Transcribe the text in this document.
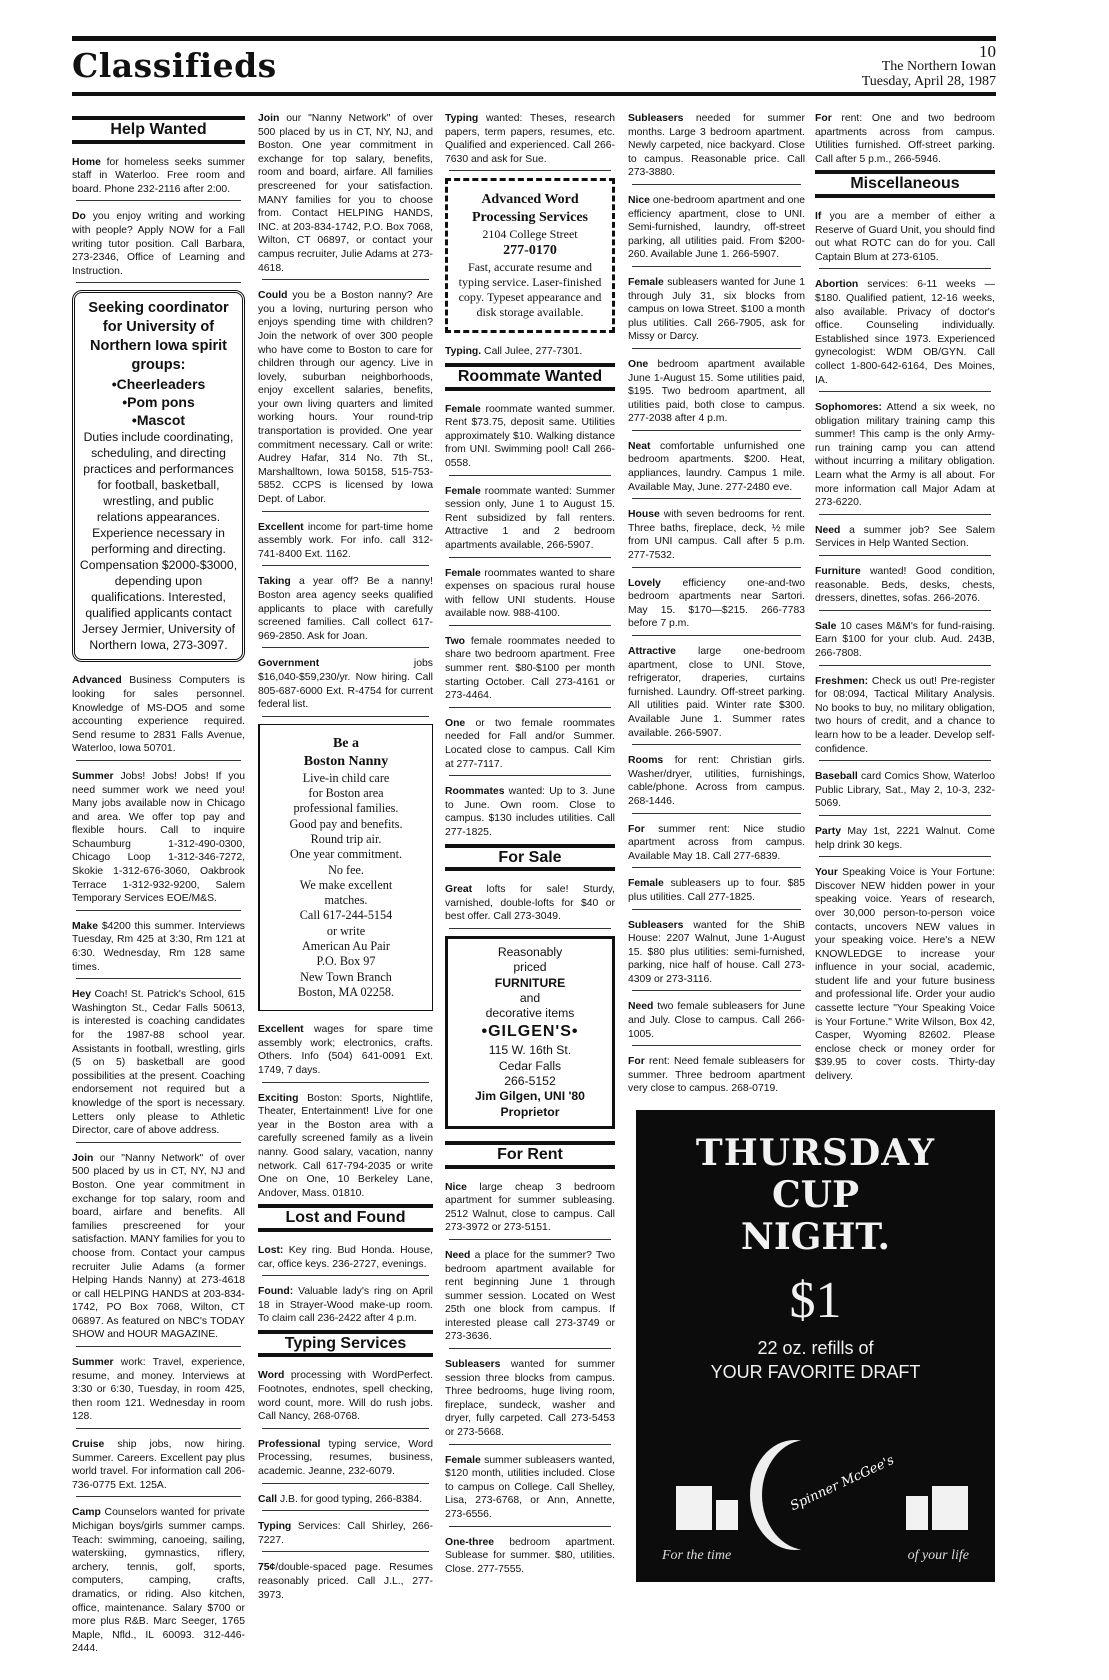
Classifieds	10
The Northern Iowan
Tuesday, April 28, 1987
Help Wanted
Home for homeless seeks summer staff in Waterloo. Free room and board. Phone 232-2116 after 2:00.
Do you enjoy writing and working with people? Apply NOW for a Fall writing tutor position. Call Barbara, 273-2346, Office of Learning and Instruction.
Seeking coordinator for University of Northern Iowa spirit groups:
•Cheerleaders
•Pom pons
•Mascot
Duties include coordinating, scheduling, and directing practices and performances for football, basketball, wrestling, and public relations appearances. Experience necessary in performing and directing. Compensation $2000-$3000, depending upon qualifications. Interested, qualified applicants contact Jersey Jermier, University of Northern Iowa, 273-3097.
Advanced Business Computers is looking for sales personnel. Knowledge of MS-DO5 and some accounting experience required. Send resume to 2831 Falls Avenue, Waterloo, Iowa 50701.
Summer Jobs! Jobs! Jobs! If you need summer work we need you! Many jobs available now in Chicago and area. We offer top pay and flexible hours. Call to inquire Schaumburg 1-312-490-0300, Chicago Loop 1-312-346-7272, Skokie 1-312-676-3060, Oakbrook Terrace 1-312-932-9200, Salem Temporary Services EOE/M&S.
Make $4200 this summer. Interviews Tuesday, Rm 425 at 3:30, Rm 121 at 6:30. Wednesday, Rm 128 same times.
Hey Coach! St. Patrick's School, 615 Washington St., Cedar Falls 50613, is interested is coaching candidates for the 1987-88 school year. Assistants in football, wrestling, girls (5 on 5) basketball are good possibilities at the present. Coaching endorsement not required but a knowledge of the sport is necessary. Letters only please to Athletic Director, care of above address.
Join our "Nanny Network" of over 500 placed by us in CT, NY, NJ and Boston. One year commitment in exchange for top salary, room and board, airfare and benefits. All families prescreened for your satisfaction. MANY families for you to choose from. Contact your campus recruiter Julie Adams (a former Helping Hands Nanny) at 273-4618 or call HELPING HANDS at 203-834-1742, PO Box 7068, Wilton, CT 06897. As featured on NBC's TODAY SHOW and HOUR MAGAZINE.
Summer work: Travel, experience, resume, and money. Interviews at 3:30 or 6:30, Tuesday, in room 425, then room 121. Wednesday in room 128.
Cruise ship jobs, now hiring. Summer. Careers. Excellent pay plus world travel. For information call 206-736-0775 Ext. 125A.
Camp Counselors wanted for private Michigan boys/girls summer camps. Teach: swimming, canoeing, sailing, waterskiing, gymnastics, riflery, archery, tennis, golf, sports, computers, camping, crafts, dramatics, or riding. Also kitchen, office, maintenance. Salary $700 or more plus R&B. Marc Seeger, 1765 Maple, Nfld., IL 60093. 312-446-2444.
Join our "Nanny Network" of over 500 placed by us in CT, NY, NJ, and Boston. One year commitment in exchange for top salary, benefits, room and board, airfare. All families prescreened for your satisfaction. MANY families for you to choose from. Contact HELPING HANDS, INC. at 203-834-1742, P.O. Box 7068, Wilton, CT 06897, or contact your campus recruiter, Julie Adams at 273-4618.
Could you be a Boston nanny? Are you a loving, nurturing person who enjoys spending time with children? Join the network of over 300 people who have come to Boston to care for children through our agency. Live in lovely, suburban neighborhoods, enjoy excellent salaries, benefits, your own living quarters and limited working hours. Your round-trip transportation is provided. One year commitment necessary. Call or write: Audrey Hafar, 314 No. 7th St., Marshalltown, Iowa 50158, 515-753-5852. CCPS is licensed by Iowa Dept. of Labor.
Excellent income for part-time home assembly work. For info. call 312-741-8400 Ext. 1162.
Taking a year off? Be a nanny! Boston area agency seeks qualified applicants to place with carefully screened families. Call collect 617-969-2850. Ask for Joan.
Government jobs $16,040-$59,230/yr. Now hiring. Call 805-687-6000 Ext. R-4754 for current federal list.
Be a
Boston Nanny
Live-in child care
for Boston area
professional families.
Good pay and benefits.
Round trip air.
One year commitment.
No fee.
We make excellent
matches.
Call 617-244-5154
or write
American Au Pair
P.O. Box 97
New Town Branch
Boston, MA 02258.
Excellent wages for spare time assembly work; electronics, crafts. Others. Info (504) 641-0091 Ext. 1749, 7 days.
Exciting Boston: Sports, Nightlife, Theater, Entertainment! Live for one year in the Boston area with a carefully screened family as a livein nanny. Good salary, vacation, nanny network. Call 617-794-2035 or write One on One, 10 Berkeley Lane, Andover, Mass. 01810.
Lost and Found
Lost: Key ring. Bud Honda. House, car, office keys. 236-2727, evenings.
Found: Valuable lady's ring on April 18 in Strayer-Wood make-up room. To claim call 236-2422 after 4 p.m.
Typing Services
Word processing with WordPerfect. Footnotes, endnotes, spell checking, word count, more. Will do rush jobs. Call Nancy, 268-0768.
Professional typing service, Word Processing, resumes, business, academic. Jeanne, 232-6079.
Call J.B. for good typing, 266-8384.
Typing Services: Call Shirley, 266-7227.
75¢/double-spaced page. Resumes reasonably priced. Call J.L., 277-3973.
Typing wanted: Theses, research papers, term papers, resumes, etc. Qualified and experienced. Call 266-7630 and ask for Sue.
Advanced Word Processing Services
2104 College Street
277-0170
Fast, accurate resume and typing service. Laser-finished copy. Typeset appearance and disk storage available.
Typing. Call Julee, 277-7301.
Roommate Wanted
Female roommate wanted summer. Rent $73.75, deposit same. Utilities approximately $10. Walking distance from UNI. Swimming pool! Call 266-0558.
Female roommate wanted: Summer session only, June 1 to August 15. Rent subsidized by fall renters. Attractive 1 and 2 bedroom apartments available, 266-5907.
Female roommates wanted to share expenses on spacious rural house with fellow UNI students. House available now. 988-4100.
Two female roommates needed to share two bedroom apartment. Free summer rent. $80-$100 per month starting October. Call 273-4161 or 273-4464.
One or two female roommates needed for Fall and/or Summer. Located close to campus. Call Kim at 277-7117.
Roommates wanted: Up to 3. June to June. Own room. Close to campus. $130 includes utilities. Call 277-1825.
For Sale
Great lofts for sale! Sturdy, varnished, double-lofts for $40 or best offer. Call 273-3049.
Reasonably
priced
FURNITURE
and
decorative items
•GILGEN'S•
115 W. 16th St.
Cedar Falls
266-5152
Jim Gilgen, UNI '80
Proprietor
For Rent
Nice large cheap 3 bedroom apartment for summer subleasing. 2512 Walnut, close to campus. Call 273-3972 or 273-5151.
Need a place for the summer? Two bedroom apartment available for rent beginning June 1 through summer session. Located on West 25th one block from campus. If interested please call 273-3749 or 273-3636.
Subleasers wanted for summer session three blocks from campus. Three bedrooms, huge living room, fireplace, sundeck, washer and dryer, fully carpeted. Call 273-5453 or 273-5668.
Female summer subleasers wanted, $120 month, utilities included. Close to campus on College. Call Shelley, Lisa, 273-6768, or Ann, Annette, 273-6556.
One-three bedroom apartment. Sublease for summer. $80, utilities. Close. 277-7555.
Subleasers needed for summer months. Large 3 bedroom apartment. Newly carpeted, nice backyard. Close to campus. Reasonable price. Call 273-3880.
Nice one-bedroom apartment and one efficiency apartment, close to UNI. Semi-furnished, laundry, off-street parking, all utilities paid. From $200-260. Available June 1. 266-5907.
Female subleasers wanted for June 1 through July 31, six blocks from campus on Iowa Street. $100 a month plus utilities. Call 266-7905, ask for Missy or Darcy.
One bedroom apartment available June 1-August 15. Some utilities paid, $195. Two bedroom apartment, all utilities paid, both close to campus. 277-2038 after 4 p.m.
Neat comfortable unfurnished one bedroom apartments. $200. Heat, appliances, laundry. Campus 1 mile. Available May, June. 277-2480 eve.
House with seven bedrooms for rent. Three baths, fireplace, deck, ½ mile from UNI campus. Call after 5 p.m. 277-7532.
Lovely efficiency one-and-two bedroom apartments near Sartori. May 15. $170—$215. 266-7783 before 7 p.m.
Attractive large one-bedroom apartment, close to UNI. Stove, refrigerator, draperies, curtains furnished. Laundry. Off-street parking. All utilities paid. Winter rate $300. Available June 1. Summer rates available. 266-5907.
Rooms for rent: Christian girls. Washer/dryer, utilities, furnishings, cable/phone. Across from campus. 268-1446.
For summer rent: Nice studio apartment across from campus. Available May 18. Call 277-6839.
Female subleasers up to four. $85 plus utilities. Call 277-1825.
Subleasers wanted for the ShiB House: 2207 Walnut, June 1-August 15. $80 plus utilities: semi-furnished, parking, nice half of house. Call 273-4309 or 273-3116.
Need two female subleasers for June and July. Close to campus. Call 266-1005.
For rent: Need female subleasers for summer. Three bedroom apartment very close to campus. 268-0719.
For rent: One and two bedroom apartments across from campus. Utilities furnished. Off-street parking. Call after 5 p.m., 266-5946.
Miscellaneous
If you are a member of either a Reserve of Guard Unit, you should find out what ROTC can do for you. Call Captain Blum at 273-6105.
Abortion services: 6-11 weeks —$180. Qualified patient, 12-16 weeks, also available. Privacy of doctor's office. Counseling individually. Established since 1973. Experienced gynecologist: WDM OB/GYN. Call collect 1-800-642-6164, Des Moines, IA.
Sophomores: Attend a six week, no obligation military training camp this summer! This camp is the only Army-run training camp you can attend without incurring a military obligation. Learn what the Army is all about. For more information call Major Adam at 273-6220.
Need a summer job? See Salem Services in Help Wanted Section.
Furniture wanted! Good condition, reasonable. Beds, desks, chests, dressers, dinettes, sofas. 266-2076.
Sale 10 cases M&M's for fund-raising. Earn $100 for your club. Aud. 243B, 266-7808.
Freshmen: Check us out! Pre-register for 08:094, Tactical Military Analysis. No books to buy, no military obligation, two hours of credit, and a chance to learn how to be a leader. Develop self-confidence.
Baseball card Comics Show, Waterloo Public Library, Sat., May 2, 10-3, 232-5069.
Party May 1st, 2221 Walnut. Come help drink 30 kegs.
Your Speaking Voice is Your Fortune: Discover NEW hidden power in your speaking voice. Years of research, over 30,000 person-to-person voice contacts, uncovers NEW values in your speaking voice. Here's a NEW KNOWLEDGE to increase your influence in your social, academic, student life and your future business and professional life. Order your audio cassette lecture "Your Speaking Voice is Your Fortune." Write Wilson, Box 42, Casper, Wyoming 82602. Please enclose check or money order for $39.95 to cover costs. Thirty-day delivery.
THURSDAY
CUP
NIGHT.
$1
22 oz. refills of
YOUR FAVORITE DRAFT
Spinner McGee's
For the time	of your life
